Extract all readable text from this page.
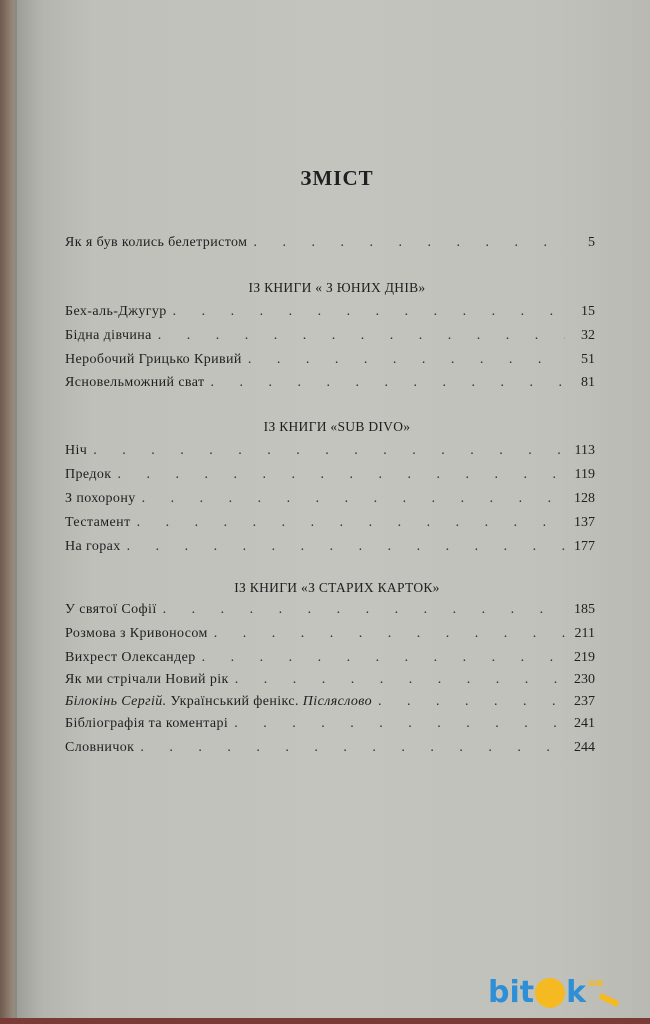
ЗМІСТ
Як я був колись белетристом . . .	5
ІЗ КНИГИ « З ЮНИХ ДНІВ»
Бех-аль-Джугур . . .	15
Бідна дівчина . . .	32
Неробочий Грицько Кривий . . .	51
Ясновельможний сват . . .	81
ІЗ КНИГИ «SUB DIVO»
Ніч . . .	113
Предок . . .	119
З похорону . . .	128
Тестамент . . .	137
На горах . . .	177
ІЗ КНИГИ «З СТАРИХ КАРТОК»
У святої Софії . . .	185
Розмова з Кривоносом . . .	211
Вихрест Олександер . . .	219
Як ми стрічали Новий рік . . .	230
Білокінь Сергій. Український фенікс. Післяслово . . .	237
Бібліографія та коментарі . . .	241
Словничок . . .	244
bit k ua
